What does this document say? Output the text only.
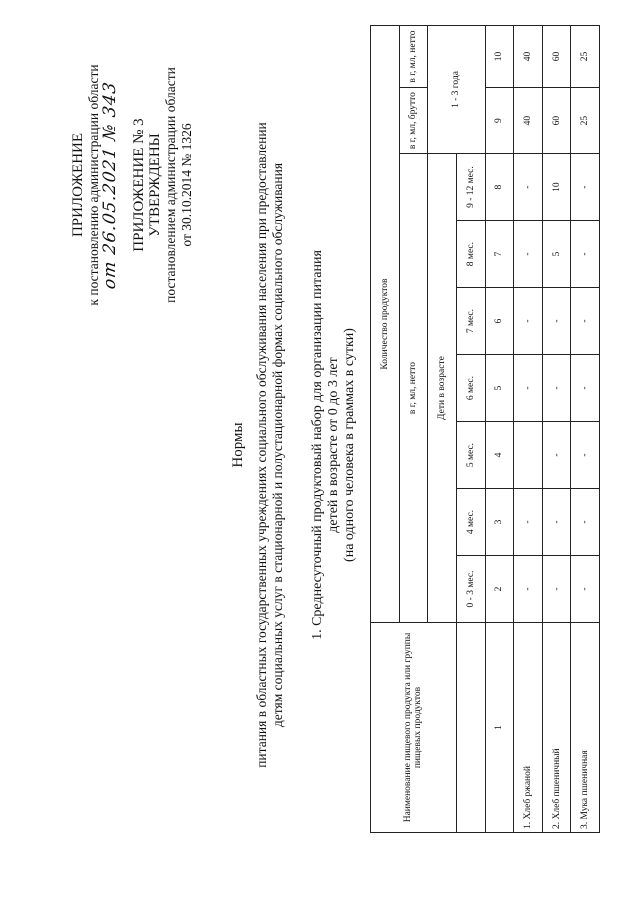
ПРИЛОЖЕНИЕ к постановлению администрации области от 26.05.2021 № 343 ПРИЛОЖЕНИЕ № 3 УТВЕРЖДЕНЫ постановлением администрации области от 30.10.2014 № 1326
Нормы питания в областных государственных учреждениях социального обслуживания населения при предоставлении детям социальных услуг в стационарной и полустационарной формах социального обслуживания 1. Среднесуточный продуктовый набор для организации питания детей в возрасте от 0 до 3 лет (на одного человека в граммах в сутки)
Наименование пищевого продукта или группы пищевых продуктов	Количество продуктов								
	в г, мл, нетто							в г, мл, брутто	в г, мл, нетто
	Дети в возрасте							1 - 3 года	
	0 - 3 мес.	4 мес.	5 мес.	6 мес.	7 мес.	8 мес.	9 - 12 мес.		
1	2	3	4	5	6	7	8	9	10
1. Хлеб ржаной	-	-		-	-	-	-	40	40
2. Хлеб пшеничный	-	-	-	-	-	5	10	60	60
3. Мука пшеничная	-	-	-	-	-	-	-	25	25
